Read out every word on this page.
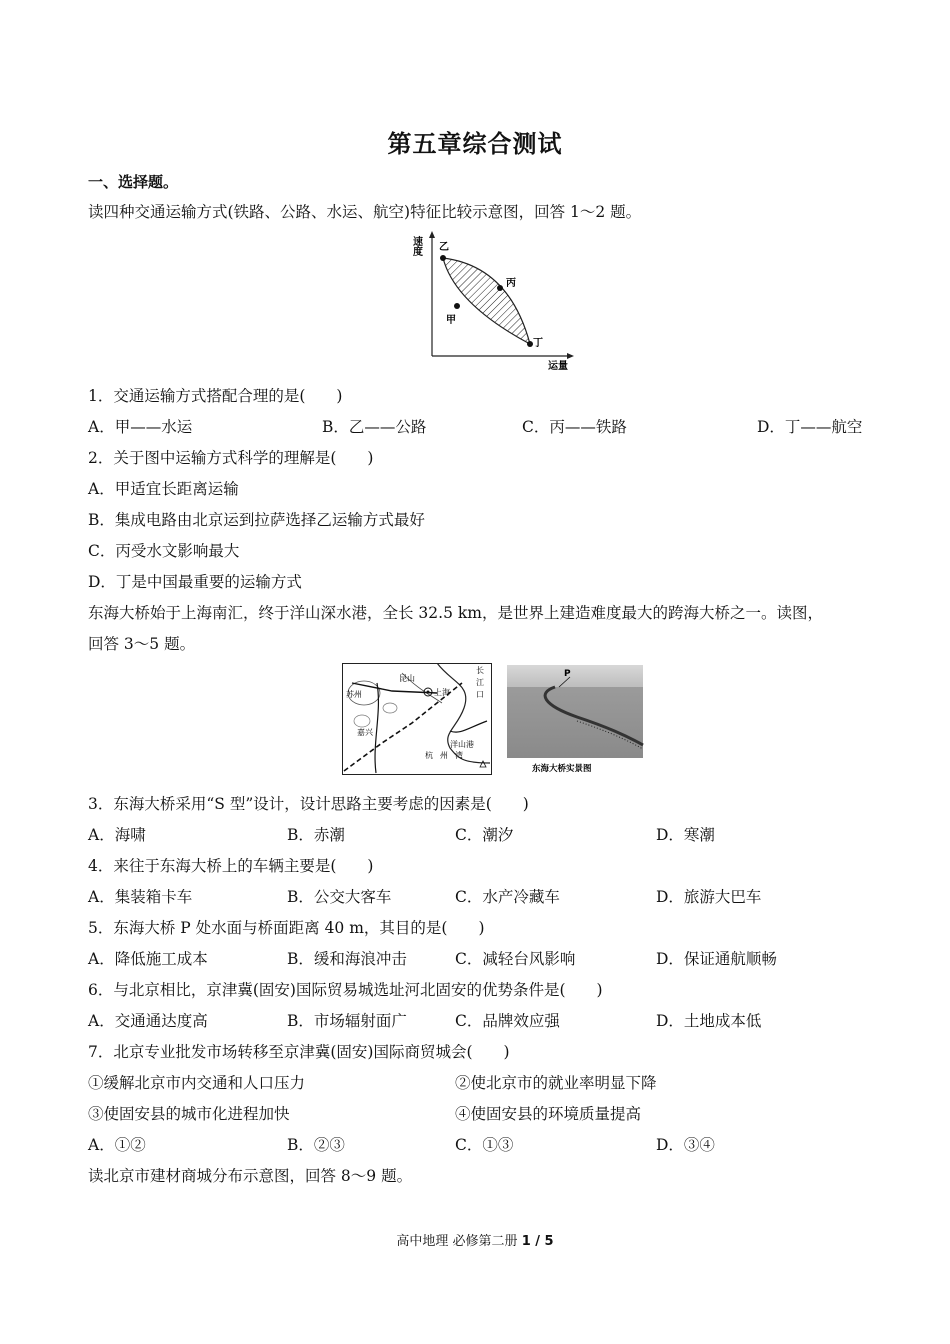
第五章综合测试
一、选择题。
读四种交通运输方式(铁路、公路、水运、航空)特征比较示意图，回答 1～2 题。
速
度 乙
丙
甲
丁
运量
1．交通运输方式搭配合理的是(　　)
A．甲——水运	B．乙——公路	C．丙——铁路	D．丁——航空
2．关于图中运输方式科学的理解是(　　)
A．甲适宜长距离运输
B．集成电路由北京运到拉萨选择乙运输方式最好
C．丙受水文影响最大
D．丁是中国最重要的运输方式
东海大桥始于上海南汇，终于洋山深水港，全长 32.5 km，是世界上建造难度最大的跨海大桥之一。读图，
回答 3～5 题。
昆山
苏州	上海
嘉兴
洋山港
杭 州 湾
长
江
口
P
东海大桥实景图
3．东海大桥采用“S 型”设计，设计思路主要考虑的因素是(　　)
A．海啸	B．赤潮	C．潮汐	D．寒潮
4．来往于东海大桥上的车辆主要是(　　)
A．集装箱卡车	B．公交大客车	C．水产冷藏车	D．旅游大巴车
5．东海大桥 P 处水面与桥面距离 40 m，其目的是(　　)
A．降低施工成本	B．缓和海浪冲击	C．减轻台风影响	D．保证通航顺畅
6．与北京相比，京津冀(固安)国际贸易城选址河北固安的优势条件是(　　)
A．交通通达度高	B．市场辐射面广	C．品牌效应强	D．土地成本低
7．北京专业批发市场转移至京津冀(固安)国际商贸城会(　　)
①缓解北京市内交通和人口压力	②使北京市的就业率明显下降
③使固安县的城市化进程加快	④使固安县的环境质量提高
A．①②	B．②③	C．①③	D．③④
读北京市建材商城分布示意图，回答 8～9 题。
高中地理 必修第二册 1 / 5
